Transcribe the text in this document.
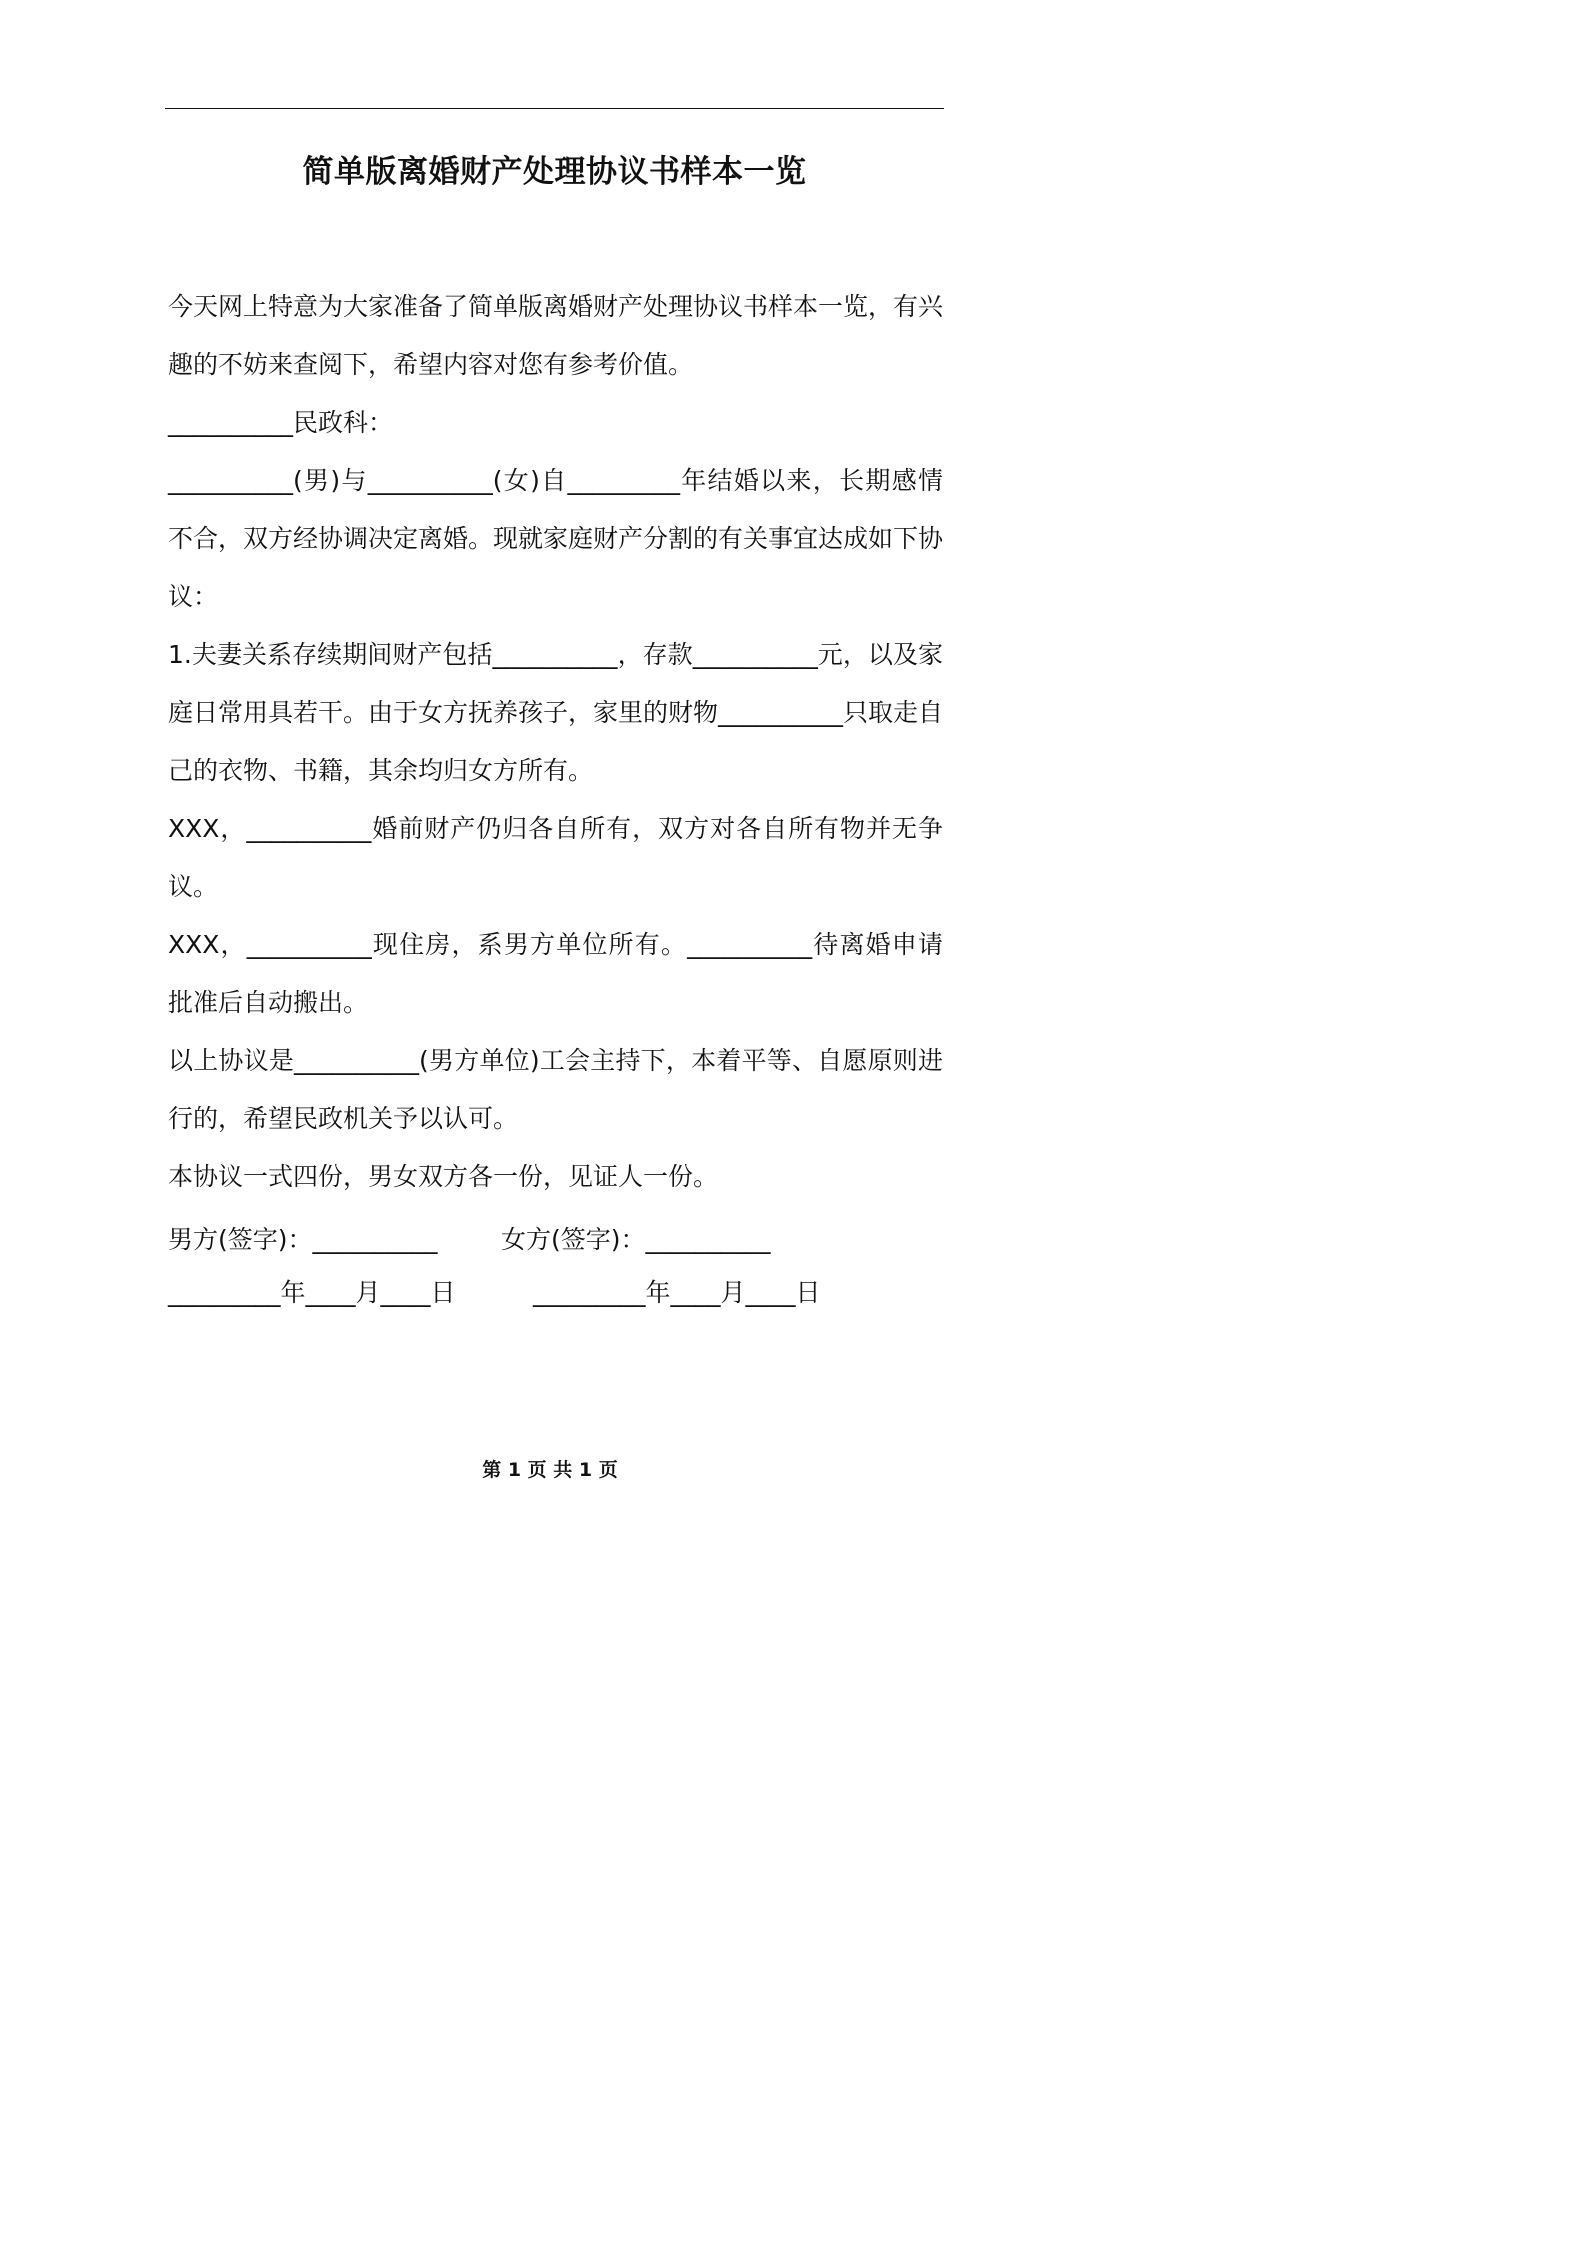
简单版离婚财产处理协议书样本一览

今天网上特意为大家准备了简单版离婚财产处理协议书样本一览，有兴趣的不妨来查阅下，希望内容对您有参考价值。

__________民政科：

__________(男)与__________(女)自_________年结婚以来，长期感情不合，双方经协调决定离婚。现就家庭财产分割的有关事宜达成如下协议：

1.夫妻关系存续期间财产包括__________，存款__________元，以及家庭日常用具若干。由于女方抚养孩子，家里的财物__________只取走自己的衣物、书籍，其余均归女方所有。

XXX，__________婚前财产仍归各自所有，双方对各自所有物并无争议。

XXX，__________现住房，系男方单位所有。__________待离婚申请批准后自动搬出。

以上协议是__________(男方单位)工会主持下，本着平等、自愿原则进行的，希望民政机关予以认可。

本协议一式四份，男女双方各一份，见证人一份。

男方(签字)：__________	女方(签字)：__________
_________年____月____日	_________年____月____日
第 1 页 共 1 页
